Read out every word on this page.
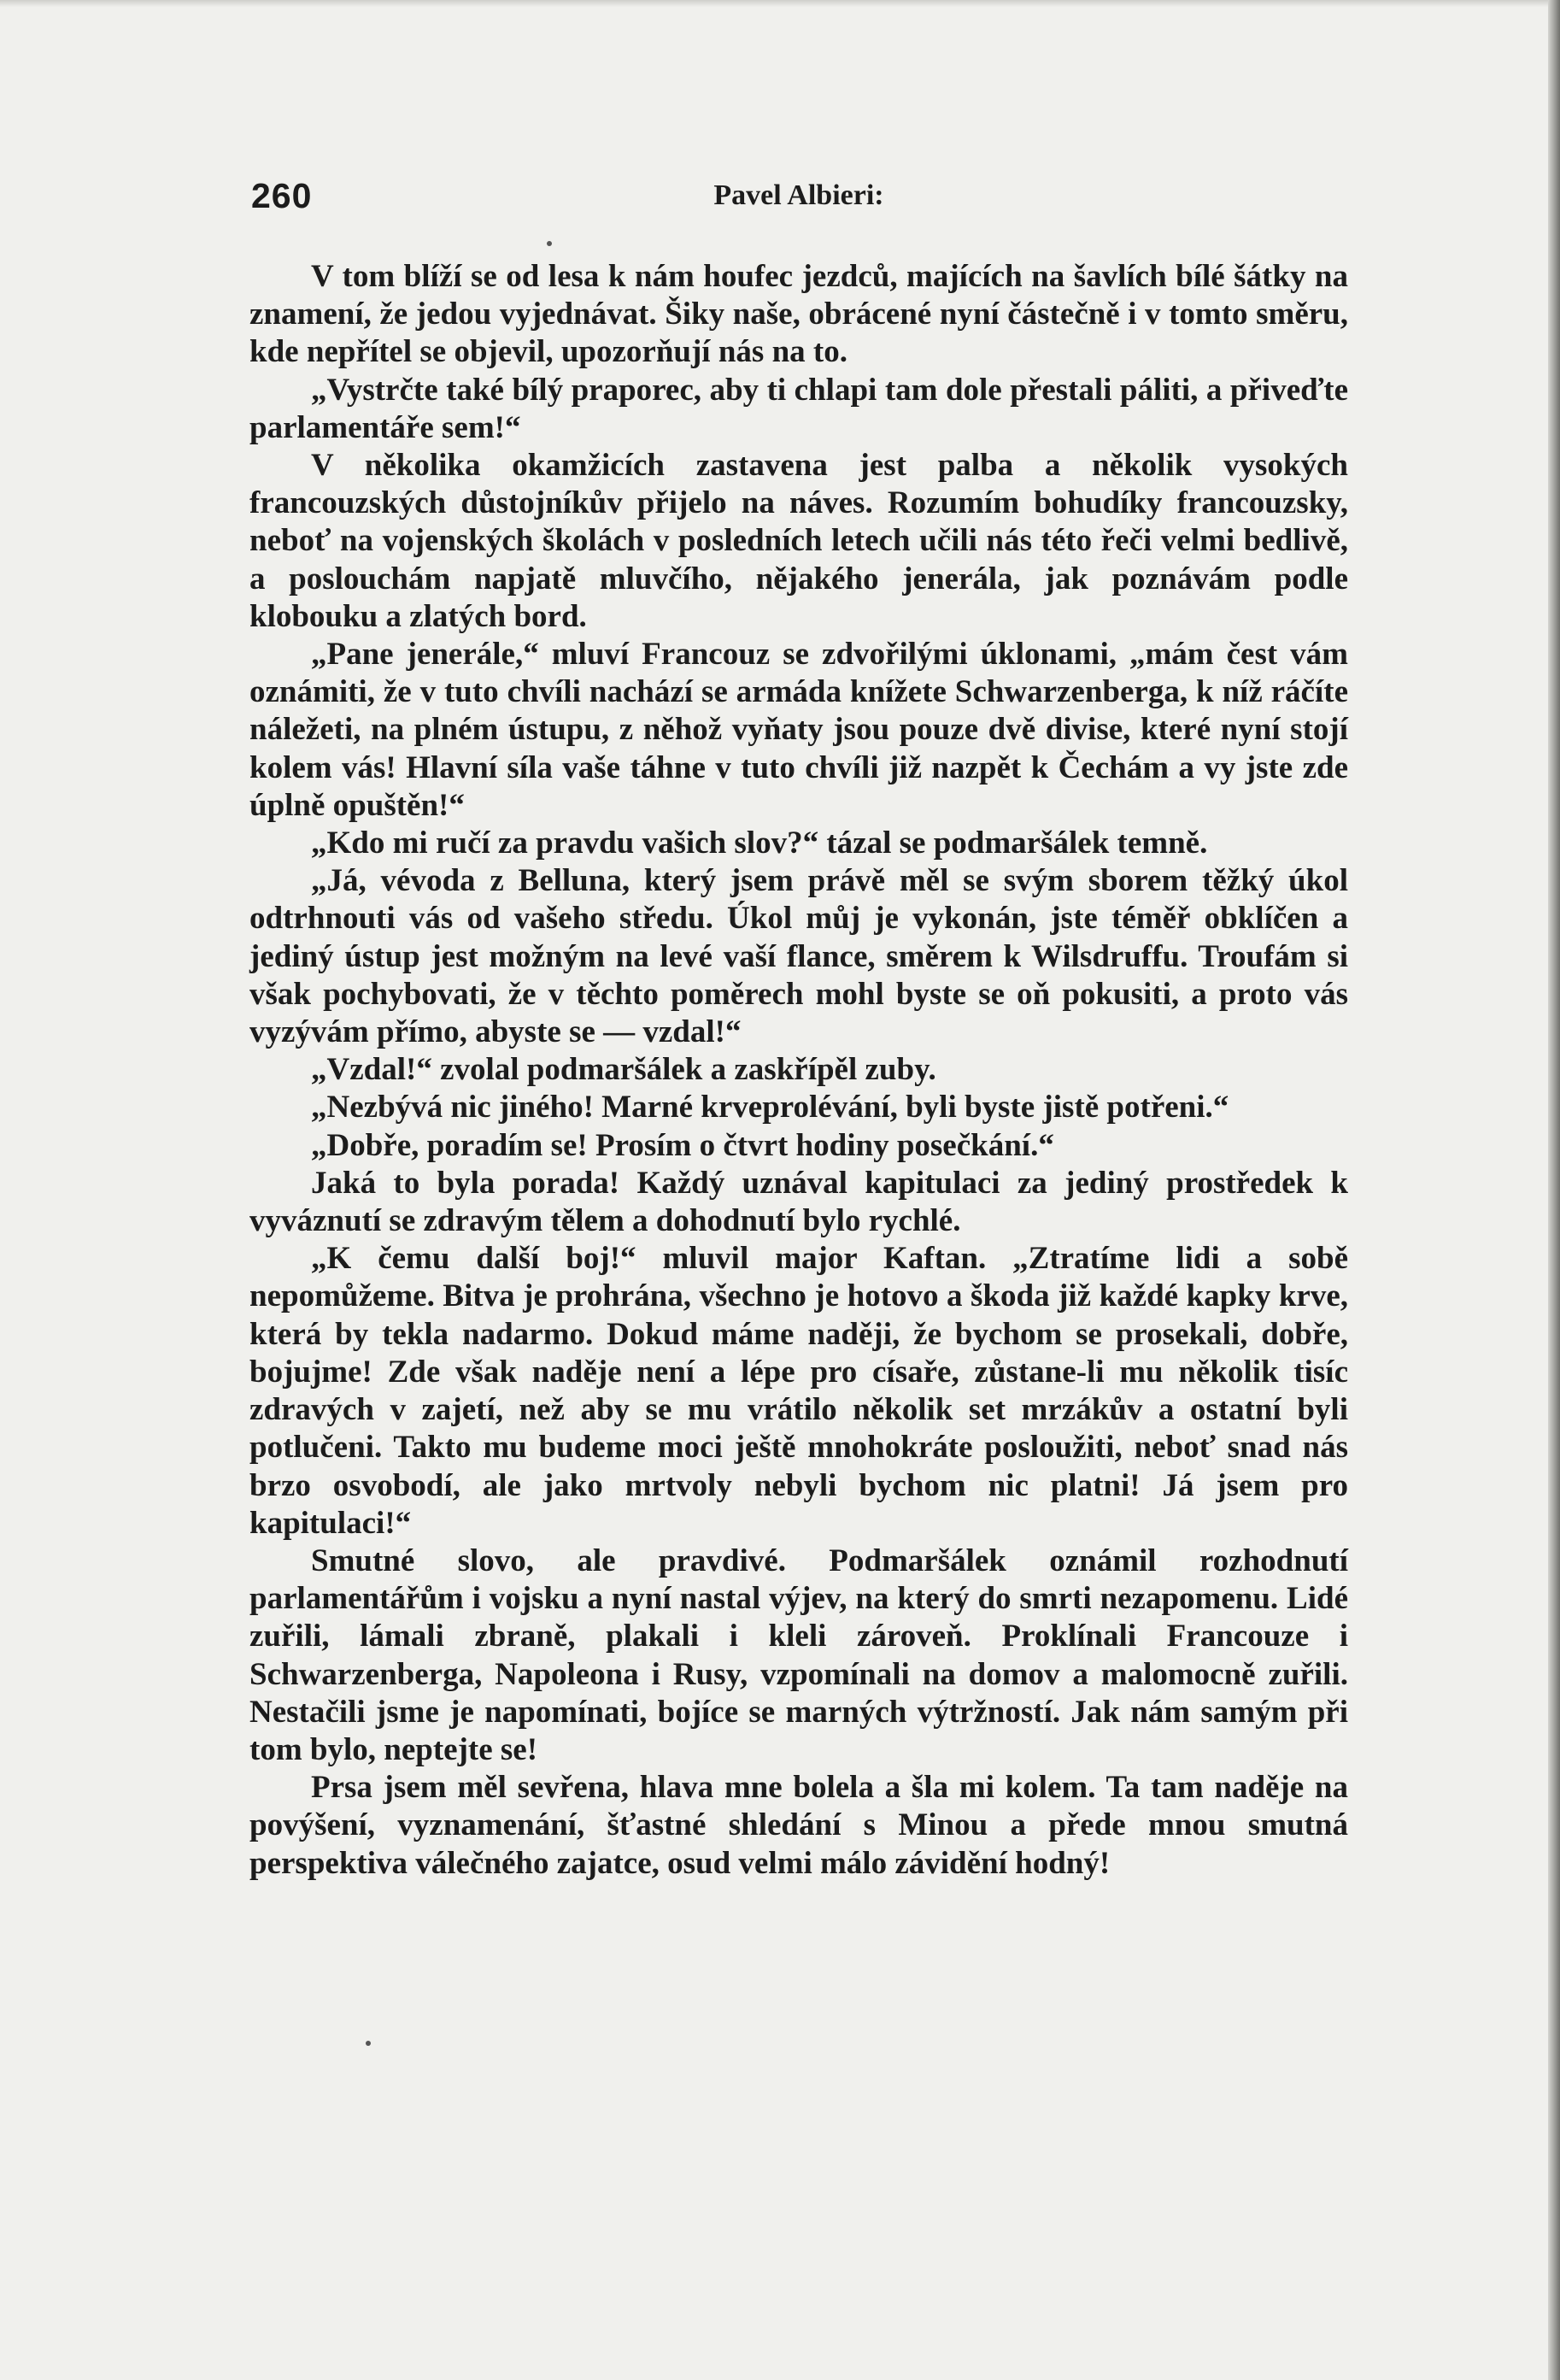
260	Pavel Albieri:

V tom blíží se od lesa k nám houfec jezdců, majících na šavlích bílé šátky na znamení, že jedou vyjednávat. Šiky naše, obrácené nyní částečně i v tomto směru, kde nepřítel se objevil, upozorňují nás na to.

„Vystrčte také bílý praporec, aby ti chlapi tam dole přestali páliti, a přiveďte parlamentáře sem!“

V několika okamžicích zastavena jest palba a několik vysokých francouzských důstojníkův přijelo na náves. Rozumím bohudíky francouzsky, neboť na vojenských školách v posledních letech učili nás této řeči velmi bedlivě, a poslouchám napjatě mluvčího, nějakého jenerála, jak poznávám podle klobouku a zlatých bord.

„Pane jenerále,“ mluví Francouz se zdvořilými úklonami, „mám čest vám oznámiti, že v tuto chvíli nachází se armáda knížete Schwarzenberga, k níž ráčíte náležeti, na plném ústupu, z něhož vyňaty jsou pouze dvě divise, které nyní stojí kolem vás! Hlavní síla vaše táhne v tuto chvíli již nazpět k Čechám a vy jste zde úplně opuštěn!“

„Kdo mi ručí za pravdu vašich slov?“ tázal se podmaršálek temně.

„Já, vévoda z Belluna, který jsem právě měl se svým sborem těžký úkol odtrhnouti vás od vašeho středu. Úkol můj je vykonán, jste téměř obklíčen a jediný ústup jest možným na levé vaší flance, směrem k Wilsdruffu. Troufám si však pochybovati, že v těchto poměrech mohl byste se oň pokusiti, a proto vás vyzývám přímo, abyste se — vzdal!“

„Vzdal!“ zvolal podmaršálek a zaskřípěl zuby.

„Nezbývá nic jiného! Marné krveprolévání, byli byste jistě potřeni.“

„Dobře, poradím se! Prosím o čtvrt hodiny posečkání.“

Jaká to byla porada! Každý uznával kapitulaci za jediný prostředek k vyváznutí se zdravým tělem a dohodnutí bylo rychlé.

„K čemu další boj!“ mluvil major Kaftan. „Ztratíme lidi a sobě nepomůžeme. Bitva je prohrána, všechno je hotovo a škoda již každé kapky krve, která by tekla nadarmo. Dokud máme naději, že bychom se prosekali, dobře, bojujme! Zde však naděje není a lépe pro císaře, zůstane-li mu několik tisíc zdravých v zajetí, než aby se mu vrátilo několik set mrzákův a ostatní byli potlučeni. Takto mu budeme moci ještě mnohokráte posloužiti, neboť snad nás brzo osvobodí, ale jako mrtvoly nebyli bychom nic platni! Já jsem pro kapitulaci!“

Smutné slovo, ale pravdivé. Podmaršálek oznámil rozhodnutí parlamentářům i vojsku a nyní nastal výjev, na který do smrti nezapomenu. Lidé zuřili, lámali zbraně, plakali i kleli zároveň. Proklínali Francouze i Schwarzenberga, Napoleona i Rusy, vzpomínali na domov a malomocně zuřili. Nestačili jsme je napomínati, bojíce se marných výtržností. Jak nám samým při tom bylo, neptejte se!

Prsa jsem měl sevřena, hlava mne bolela a šla mi kolem. Ta tam naděje na povýšení, vyznamenání, šťastné shledání s Minou a přede mnou smutná perspektiva válečného zajatce, osud velmi málo závidění hodný!
